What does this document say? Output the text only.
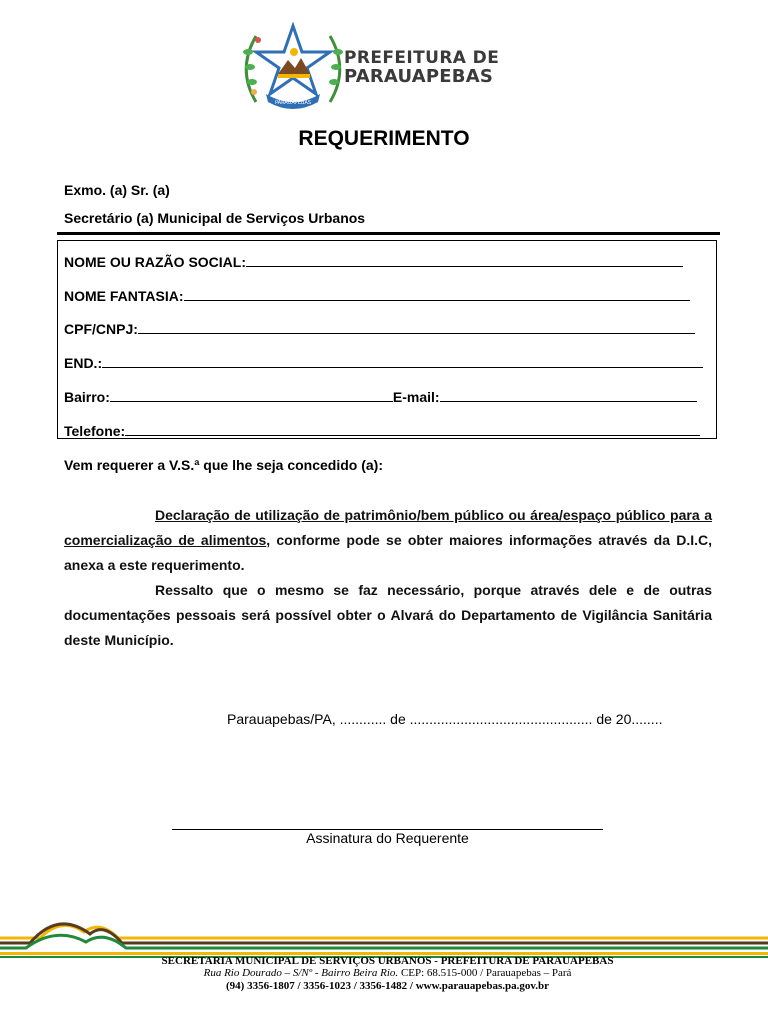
PARAUAPEBAS
PREFEITURA DE
PARAUAPEBAS
REQUERIMENTO
Exmo. (a) Sr. (a)
Secretário (a) Municipal de Serviços Urbanos
NOME OU RAZÃO SOCIAL:
NOME FANTASIA:
CPF/CNPJ:
END.:
Bairro:	E-mail:
Telefone:
Vem requerer a V.S.ª que lhe seja concedido (a):
Declaração de utilização de patrimônio/bem público ou área/espaço público para a comercialização de alimentos, conforme pode se obter maiores informações através da D.I.C, anexa a este requerimento.
Ressalto que o mesmo se faz necessário, porque através dele e de outras documentações pessoais será possível obter o Alvará do Departamento de Vigilância Sanitária deste Município.
Parauapebas/PA, ............ de ............................................... de 20........
Assinatura do Requerente
SECRETARIA MUNICIPAL DE SERVIÇOS URBANOS - PREFEITURA DE PARAUAPEBAS
Rua Rio Dourado – S/Nº - Bairro Beira Rio. CEP: 68.515-000 / Parauapebas – Pará
(94) 3356-1807 / 3356-1023 / 3356-1482 / www.parauapebas.pa.gov.br
